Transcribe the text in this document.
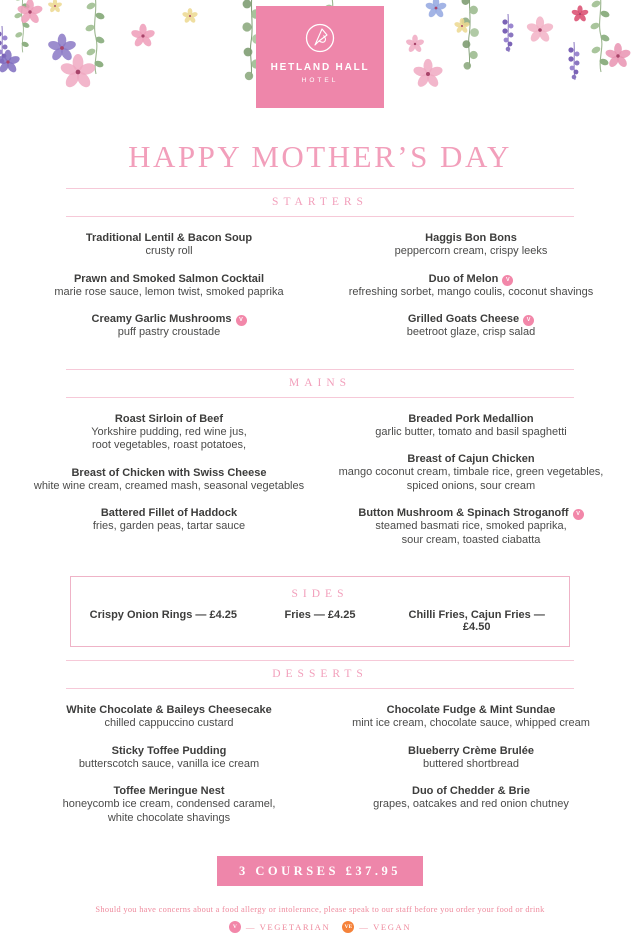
HETLAND HALL
HOTEL
HAPPY MOTHER’S DAY
STARTERS
Traditional Lentil & Bacon Soup
crusty roll
Prawn and Smoked Salmon Cocktail
marie rose sauce, lemon twist, smoked paprika
Creamy Garlic Mushrooms V
puff pastry croustade
Haggis Bon Bons
peppercorn cream, crispy leeks
Duo of Melon V
refreshing sorbet, mango coulis, coconut shavings
Grilled Goats Cheese V
beetroot glaze, crisp salad
MAINS
Roast Sirloin of Beef
Yorkshire pudding, red wine jus,
root vegetables, roast potatoes,
Breast of Chicken with Swiss Cheese
white wine cream, creamed mash, seasonal vegetables
Battered Fillet of Haddock
fries, garden peas, tartar sauce
Breaded Pork Medallion
garlic butter, tomato and basil spaghetti
Breast of Cajun Chicken
mango coconut cream, timbale rice, green vegetables,
spiced onions, sour cream
Button Mushroom & Spinach Stroganoff V
steamed basmati rice, smoked paprika,
sour cream, toasted ciabatta
SIDES
Crispy Onion Rings — £4.25	Fries — £4.25	Chilli Fries, Cajun Fries — £4.50
DESSERTS
White Chocolate & Baileys Cheesecake
chilled cappuccino custard
Sticky Toffee Pudding
butterscotch sauce, vanilla ice cream
Toffee Meringue Nest
honeycomb ice cream, condensed caramel,
white chocolate shavings
Chocolate Fudge & Mint Sundae
mint ice cream, chocolate sauce, whipped cream
Blueberry Crème Brulée
buttered shortbread
Duo of Chedder & Brie
grapes, oatcakes and red onion chutney
3 COURSES £37.95
Should you have concerns about a food allergy or intolerance, please speak to our staff before you order your food or drink
V	— VEGETARIAN	VE — VEGAN
